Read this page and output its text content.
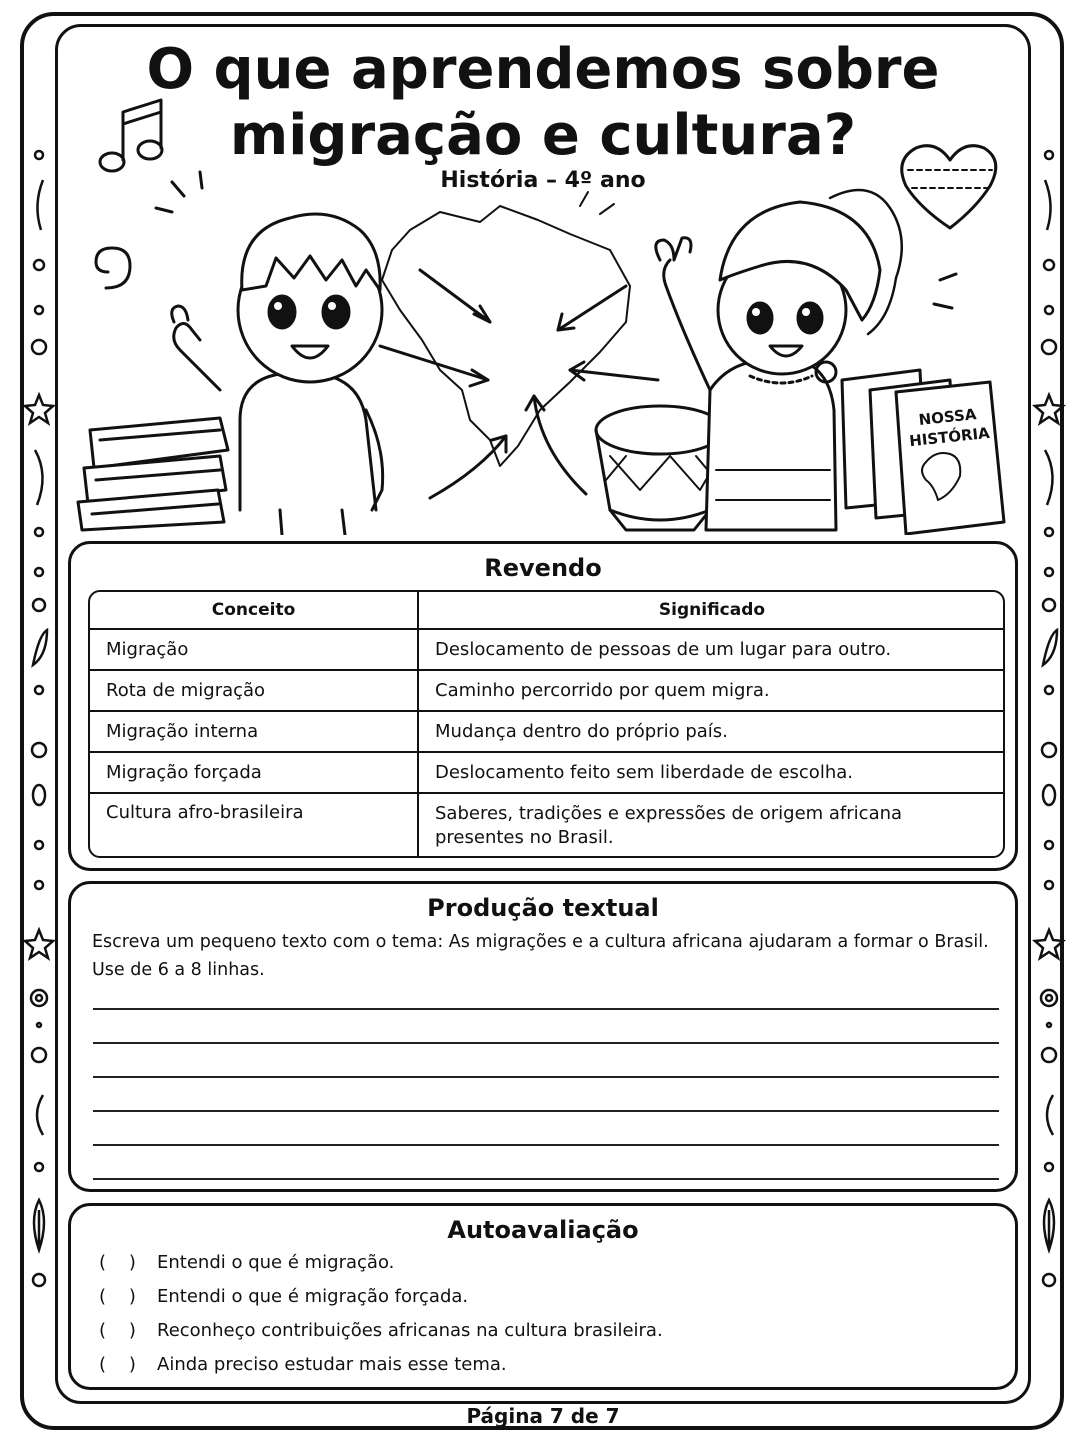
NOSSA
HISTÓRIA
O que aprendemos sobre
migração e cultura?
História – 4º ano
Revendo
Conceito	Significado
Migração	Deslocamento de pessoas de um lugar para outro.
Rota de migração	Caminho percorrido por quem migra.
Migração interna	Mudança dentro do próprio país.
Migração forçada	Deslocamento feito sem liberdade de escolha.
Cultura afro-brasileira	Saberes, tradições e expressões de origem africana presentes no Brasil.
Produção textual
Escreva um pequeno texto com o tema: As migrações e a cultura africana ajudaram a formar o Brasil.
Use de 6 a 8 linhas.
Autoavaliação
(    )	Entendi o que é migração.
(    )	Entendi o que é migração forçada.
(    )	Reconheço contribuições africanas na cultura brasileira.
(    )	Ainda preciso estudar mais esse tema.
Página 7 de 7
